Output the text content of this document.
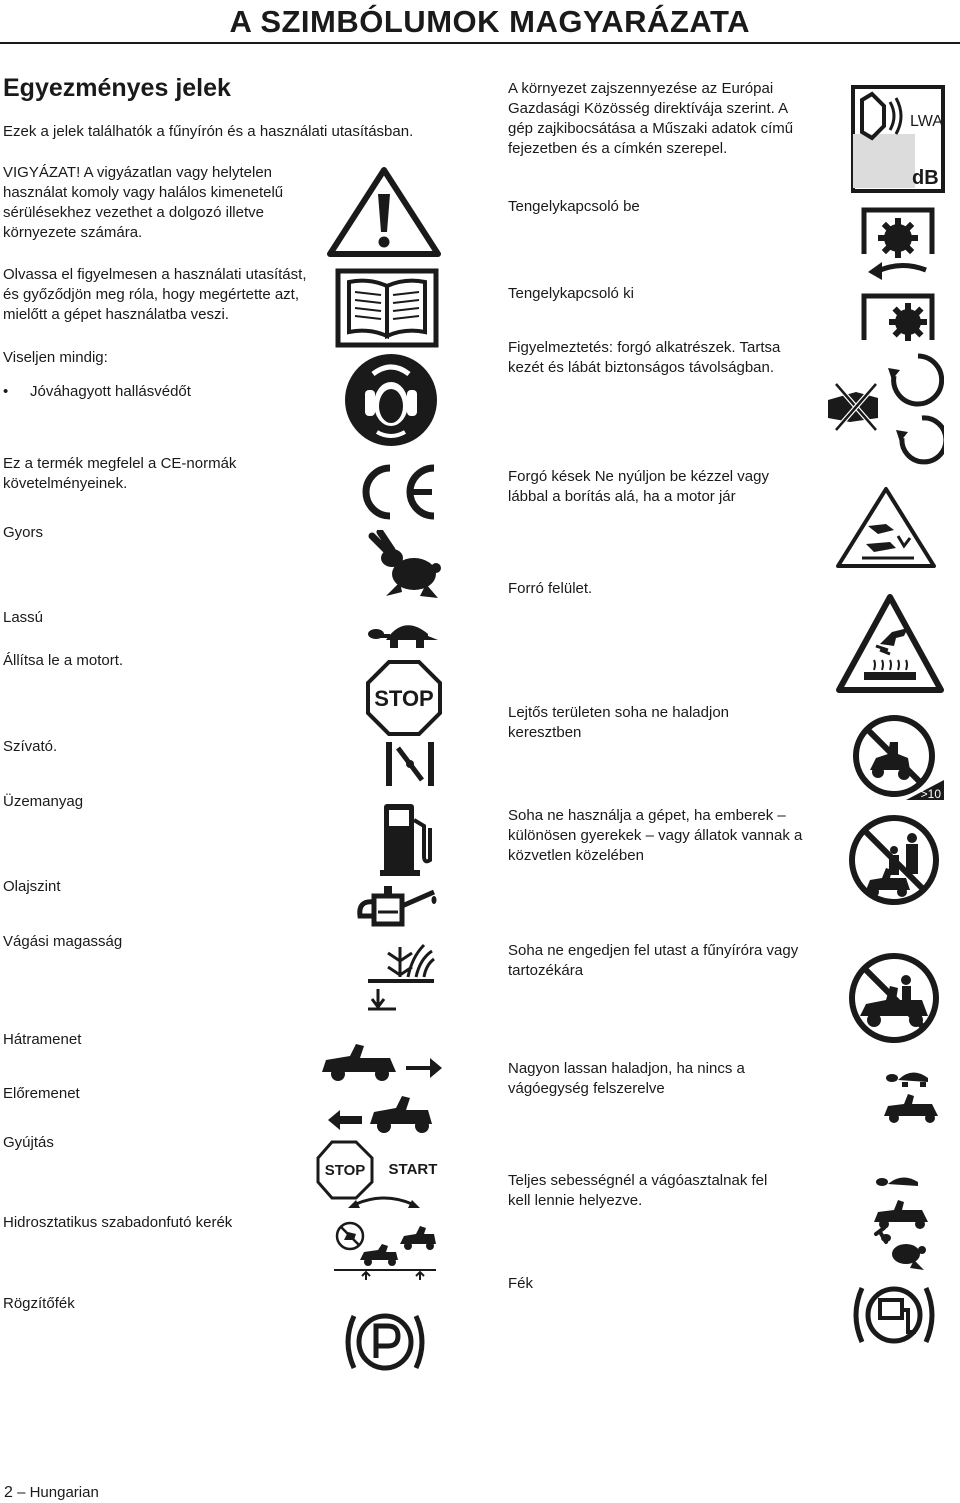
A SZIMBÓLUMOK MAGYARÁZATA
Egyezményes jelek

Ezek a jelek találhatók a fűnyírón és a használati utasításban.

VIGYÁZAT! A vigyázatlan vagy helytelen használat komoly vagy halálos kimenetelű sérülésekhez vezethet a dolgozó illetve környezete számára.

Olvassa el figyelmesen a használati utasítást, és győződjön meg róla, hogy megértette azt, mielőtt a gépet használatba veszi.

Viseljen mindig:

• Jóváhagyott hallásvédőt

Ez a termék megfelel a CE-normák követelményeinek.

Gyors

Lassú

Állítsa le a motort.

Szívató.

Üzemanyag

Olajszint

Vágási magasság

Hátramenet

Előremenet

Gyújtás

Hidrosztatikus szabadonfutó kerék

Rögzítőfék

A környezet zajszennyezése az Európai Gazdasági Közösség direktívája szerint. A gép zajkibocsátása a Műszaki adatok című fejezetben és a címkén szerepel.

Tengelykapcsoló be

Tengelykapcsoló ki

Figyelmeztetés: forgó alkatrészek. Tartsa kezét és lábát biztonságos távolságban.

Forgó kések Ne nyúljon be kézzel vagy lábbal a borítás alá, ha a motor jár

Forró felület.

Lejtős területen soha ne haladjon keresztben

Soha ne használja a gépet, ha emberek – különösen gyerekek – vagy állatok vannak a közvetlen közelében

Soha ne engedjen fel utast a fűnyíróra vagy tartozékára

Nagyon lassan haladjon, ha nincs a vágóegység felszerelve

Teljes sebességnél a vágóasztalnak fel kell lennie helyezve.

Fék

STOP
STOP START
LWA
dB
>10
2 – Hungarian
